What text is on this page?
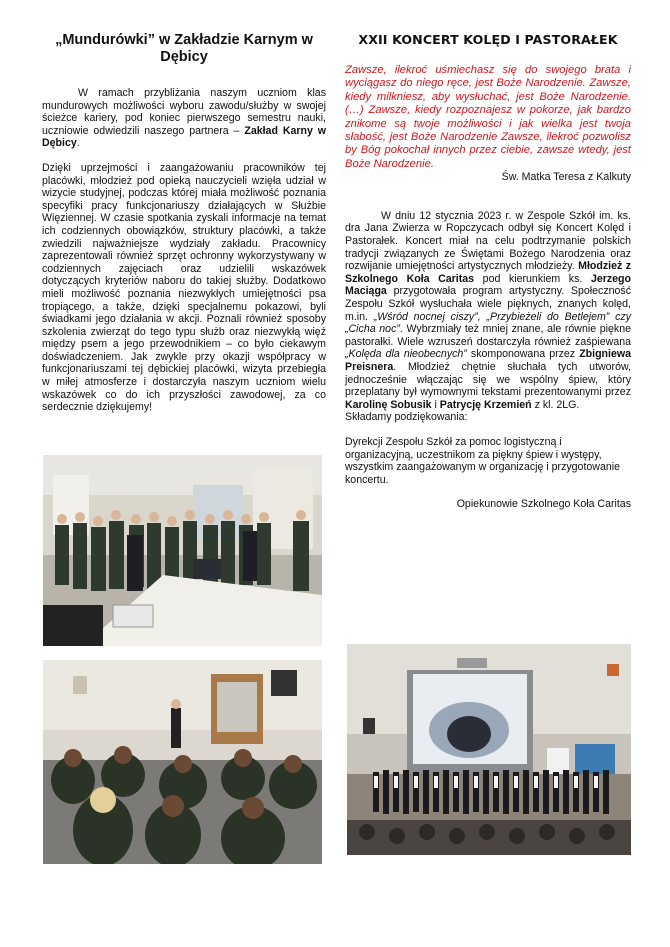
„Mundurówki” w Zakładzie Karnym w Dębicy

W ramach przybliżania naszym uczniom klas mundurowych możliwości wyboru zawodu/służby w swojej ścieżce kariery, pod koniec pierwszego semestru nauki, uczniowie odwiedzili naszego partnera – Zakład Karny w Dębicy.

Dzięki uprzejmości i zaangażowaniu pracowników tej placówki, młodzież pod opieką nauczycieli wzięła udział w wizycie studyjnej, podczas której miała możliwość poznania specyfiki pracy funkcjonariuszy działających w Służbie Więziennej. W czasie spotkania zyskali informacje na temat ich codziennych obowiązków, struktury placówki, a także zwiedzili najważniejsze wydziały zakładu. Pracownicy zaprezentowali również sprzęt ochronny wykorzystywany w codziennych zajęciach oraz udzielili wskazówek dotyczących kryteriów naboru do takiej służby. Dodatkowo mieli możliwość poznania niezwykłych umiejętności psa tropiącego, a także, dzięki specjalnemu pokazowi, byli świadkami jego działania w akcji. Poznali również sposoby szkolenia zwierząt do tego typu służb oraz niezwykłą więź między psem a jego przewodnikiem – co było ciekawym doświadczeniem. Jak zwykle przy okazji współpracy w funkcjonariuszami tej dębickiej placówki, wizyta przebiegła w miłej atmosferze i dostarczyła naszym uczniom wielu wskazówek co do ich przyszłości zawodowej, za co serdecznie dziękujemy!

XXII KONCERT KOLĘD I PASTORAŁEK

Zawsze, ilekroć uśmiechasz się do swojego brata i wyciągasz do niego ręce, jest Boże Narodzenie. Zawsze, kiedy milkniesz, aby wysłuchać, jest Boże Narodzenie. (…) Zawsze, kiedy rozpoznajesz w pokorze, jak bardzo znikome są twoje możliwości i jak wielka jest twoja słabość, jest Boże Narodzenie Zawsze, ilekroć pozwolisz by Bóg pokochał innych przez ciebie, zawsze wtedy, jest Boże Narodzenie.

Św. Matka Teresa z Kalkuty

W dniu 12 stycznia 2023 r. w Zespole Szkół im. ks. dra Jana Zwierza w Ropczycach odbył się Koncert Kolęd i Pastorałek. Koncert miał na celu podtrzymanie polskich tradycji związanych ze Świętami Bożego Narodzenia oraz rozwijanie umiejętności artystycznych młodzieży. Młodzież z Szkolnego Koła Caritas pod kierunkiem ks. Jerzego Maciąga przygotowała program artystyczny. Społeczność Zespołu Szkół wysłuchała wiele pięknych, znanych kolęd, m.in. „Wśród nocnej ciszy”, „Przybieżeli do Betlejem” czy „Cicha noc”. Wybrzmiały też mniej znane, ale równie piękne pastorałki. Wiele wzruszeń dostarczyła również zaśpiewana „Kolęda dla nieobecnych” skomponowana przez Zbigniewa Preisnera. Młodzież chętnie słuchała tych utworów, jednocześnie włączając się we wspólny śpiew, który przeplatany był wymownymi tekstami prezentowanymi przez Karolinę Sobusik i Patrycję Krzemień z kl. 2LG.

Składamy podziękowania:

Dyrekcji Zespołu Szkół za pomoc logistyczną i organizacyjną, uczestnikom za piękny śpiew i występy, wszystkim zaangażowanym w organizację i przygotowanie koncertu.

Opiekunowie Szkolnego Koła Caritas
